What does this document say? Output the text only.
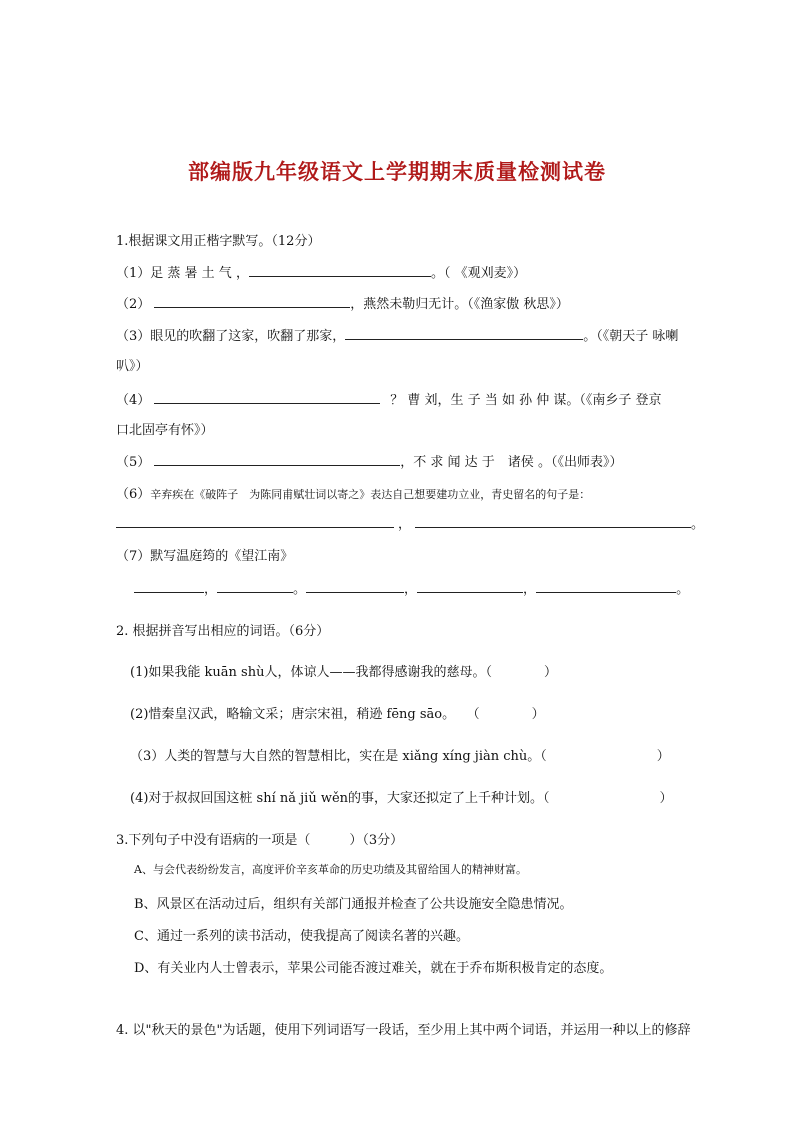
部编版九年级语文上学期期末质量检测试卷
1.根据课文用正楷字默写。（12分）
（1）足 蒸 暑 土 气 ，	。（ 《观刈麦》）
（2）	，燕然未勒归无计。（《渔家傲 秋思》）
（3）眼见的吹翻了这家，吹翻了那家，	。（《朝天子 咏喇
叭》）
（4）	？ 曹 刘，生 子 当 如 孙 仲 谋。（《南乡子 登京
口北固亭有怀》）
（5）	，不 求 闻 达 于　诸侯 。（《出师表》）
（6）辛弃疾在《破阵子　为陈同甫赋壮词以寄之》表达自己想要建功立业，青史留名的句子是：
，	。
（7）默写温庭筠的《望江南》
，	。	，	，	。
2. 根据拼音写出相应的词语。（6分）
(1)如果我能 kuān shù人，体谅人——我都得感谢我的慈母。（	）
(2)惜秦皇汉武，略输文采；唐宗宋祖，稍逊 fēng sāo。 （	）
（3）人类的智慧与大自然的智慧相比，实在是 xiǎng xíng jiàn chù。（	）
(4)对于叔叔回国这桩 shí nǎ jiǔ wěn的事，大家还拟定了上千种计划。（	）
3.下列句子中没有语病的一项是（　　　）（3分）
A、与会代表纷纷发言，高度评价辛亥革命的历史功绩及其留给国人的精神财富。
B、风景区在活动过后，组织有关部门通报并检查了公共设施安全隐患情况。
C、通过一系列的读书活动，使我提高了阅读名著的兴趣。
D、有关业内人士曾表示，苹果公司能否渡过难关，就在于乔布斯积极肯定的态度。
4. 以"秋天的景色"为话题，使用下列词语写一段话，至少用上其中两个词语，并运用一种以上的修辞
